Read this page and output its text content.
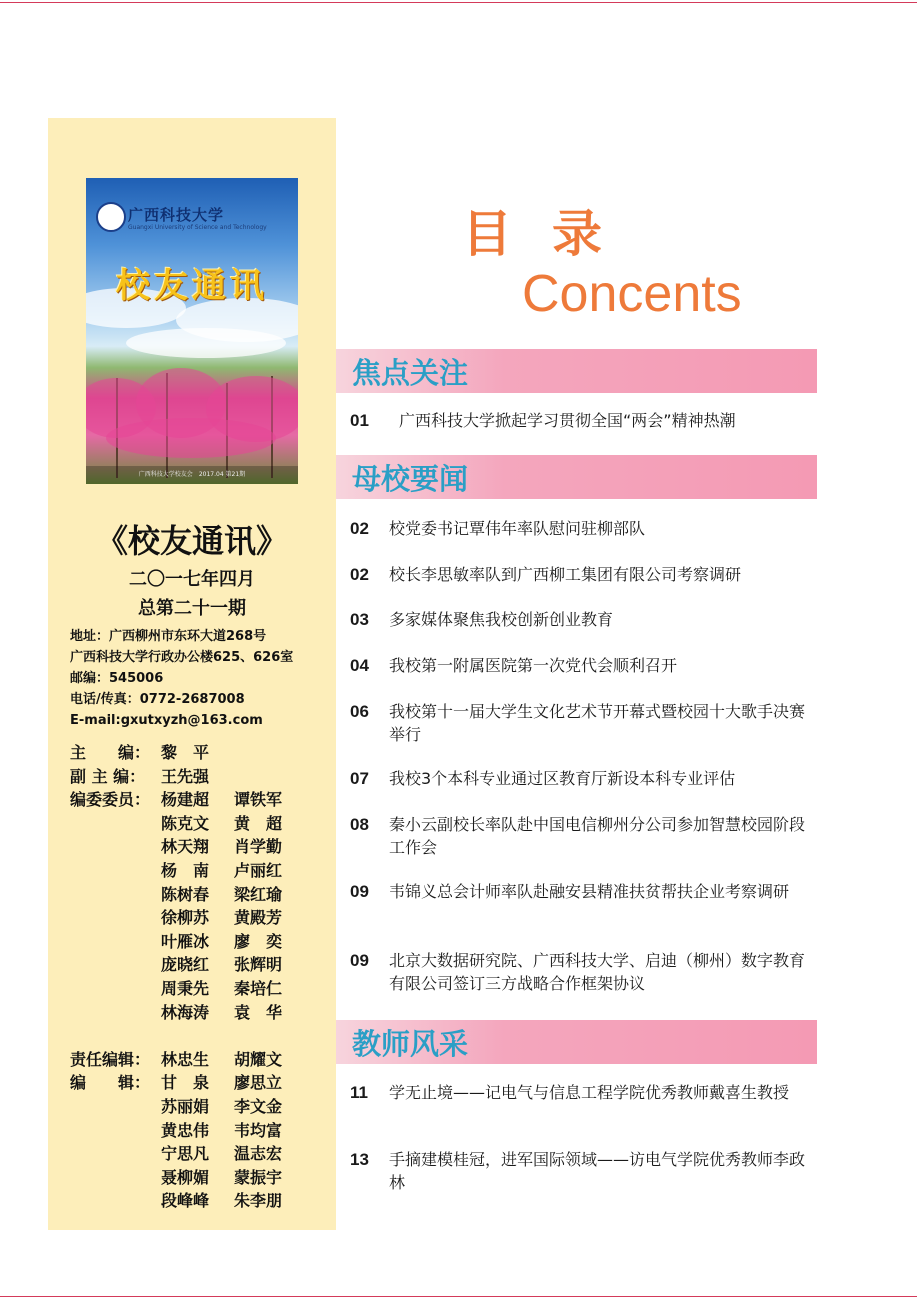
广西科技大学
Guangxi University of Science and Technology
校友通讯
广西科技大学校友会　 2017.04 第21期
《校友通讯》
二〇一七年四月
总第二十一期
地址：广西柳州市东环大道268号
广西科技大学行政办公楼625、626室
邮编：545006
电话/传真：0772-2687008
E-mail:gxutxyzh@163.com
主　　编： 黎　平
副 主 编： 王先强
编委委员： 杨建超 谭铁军
陈克文 黄　超
林天翔 肖学勤
杨　南 卢丽红
陈树春 梁红瑜
徐柳苏 黄殿芳
叶雁冰 廖　奕
庞晓红 张辉明
周秉先 秦培仁
林海涛 袁　华
责任编辑： 林忠生 胡耀文
编　　辑： 甘　泉 廖思立
苏丽娟 李文金
黄忠伟 韦均富
宁思凡 温志宏
聂柳媚 蒙振宇
段峰峰 朱李朋
目录
Concents
焦点关注
01 广西科技大学掀起学习贯彻全国“两会”精神热潮
母校要闻
02 校党委书记覃伟年率队慰问驻柳部队
02 校长李思敏率队到广西柳工集团有限公司考察调研
03 多家媒体聚焦我校创新创业教育
04 我校第一附属医院第一次党代会顺利召开
06 我校第十一届大学生文化艺术节开幕式暨校园十大歌手决赛举行
07 我校3个本科专业通过区教育厅新设本科专业评估
08 秦小云副校长率队赴中国电信柳州分公司参加智慧校园阶段工作会
09 韦锦义总会计师率队赴融安县精准扶贫帮扶企业考察调研
09 北京大数据研究院、广西科技大学、启迪（柳州）数字教育有限公司签订三方战略合作框架协议
教师风采
11 学无止境——记电气与信息工程学院优秀教师戴喜生教授
13 手摘建模桂冠，进军国际领域——访电气学院优秀教师李政林
